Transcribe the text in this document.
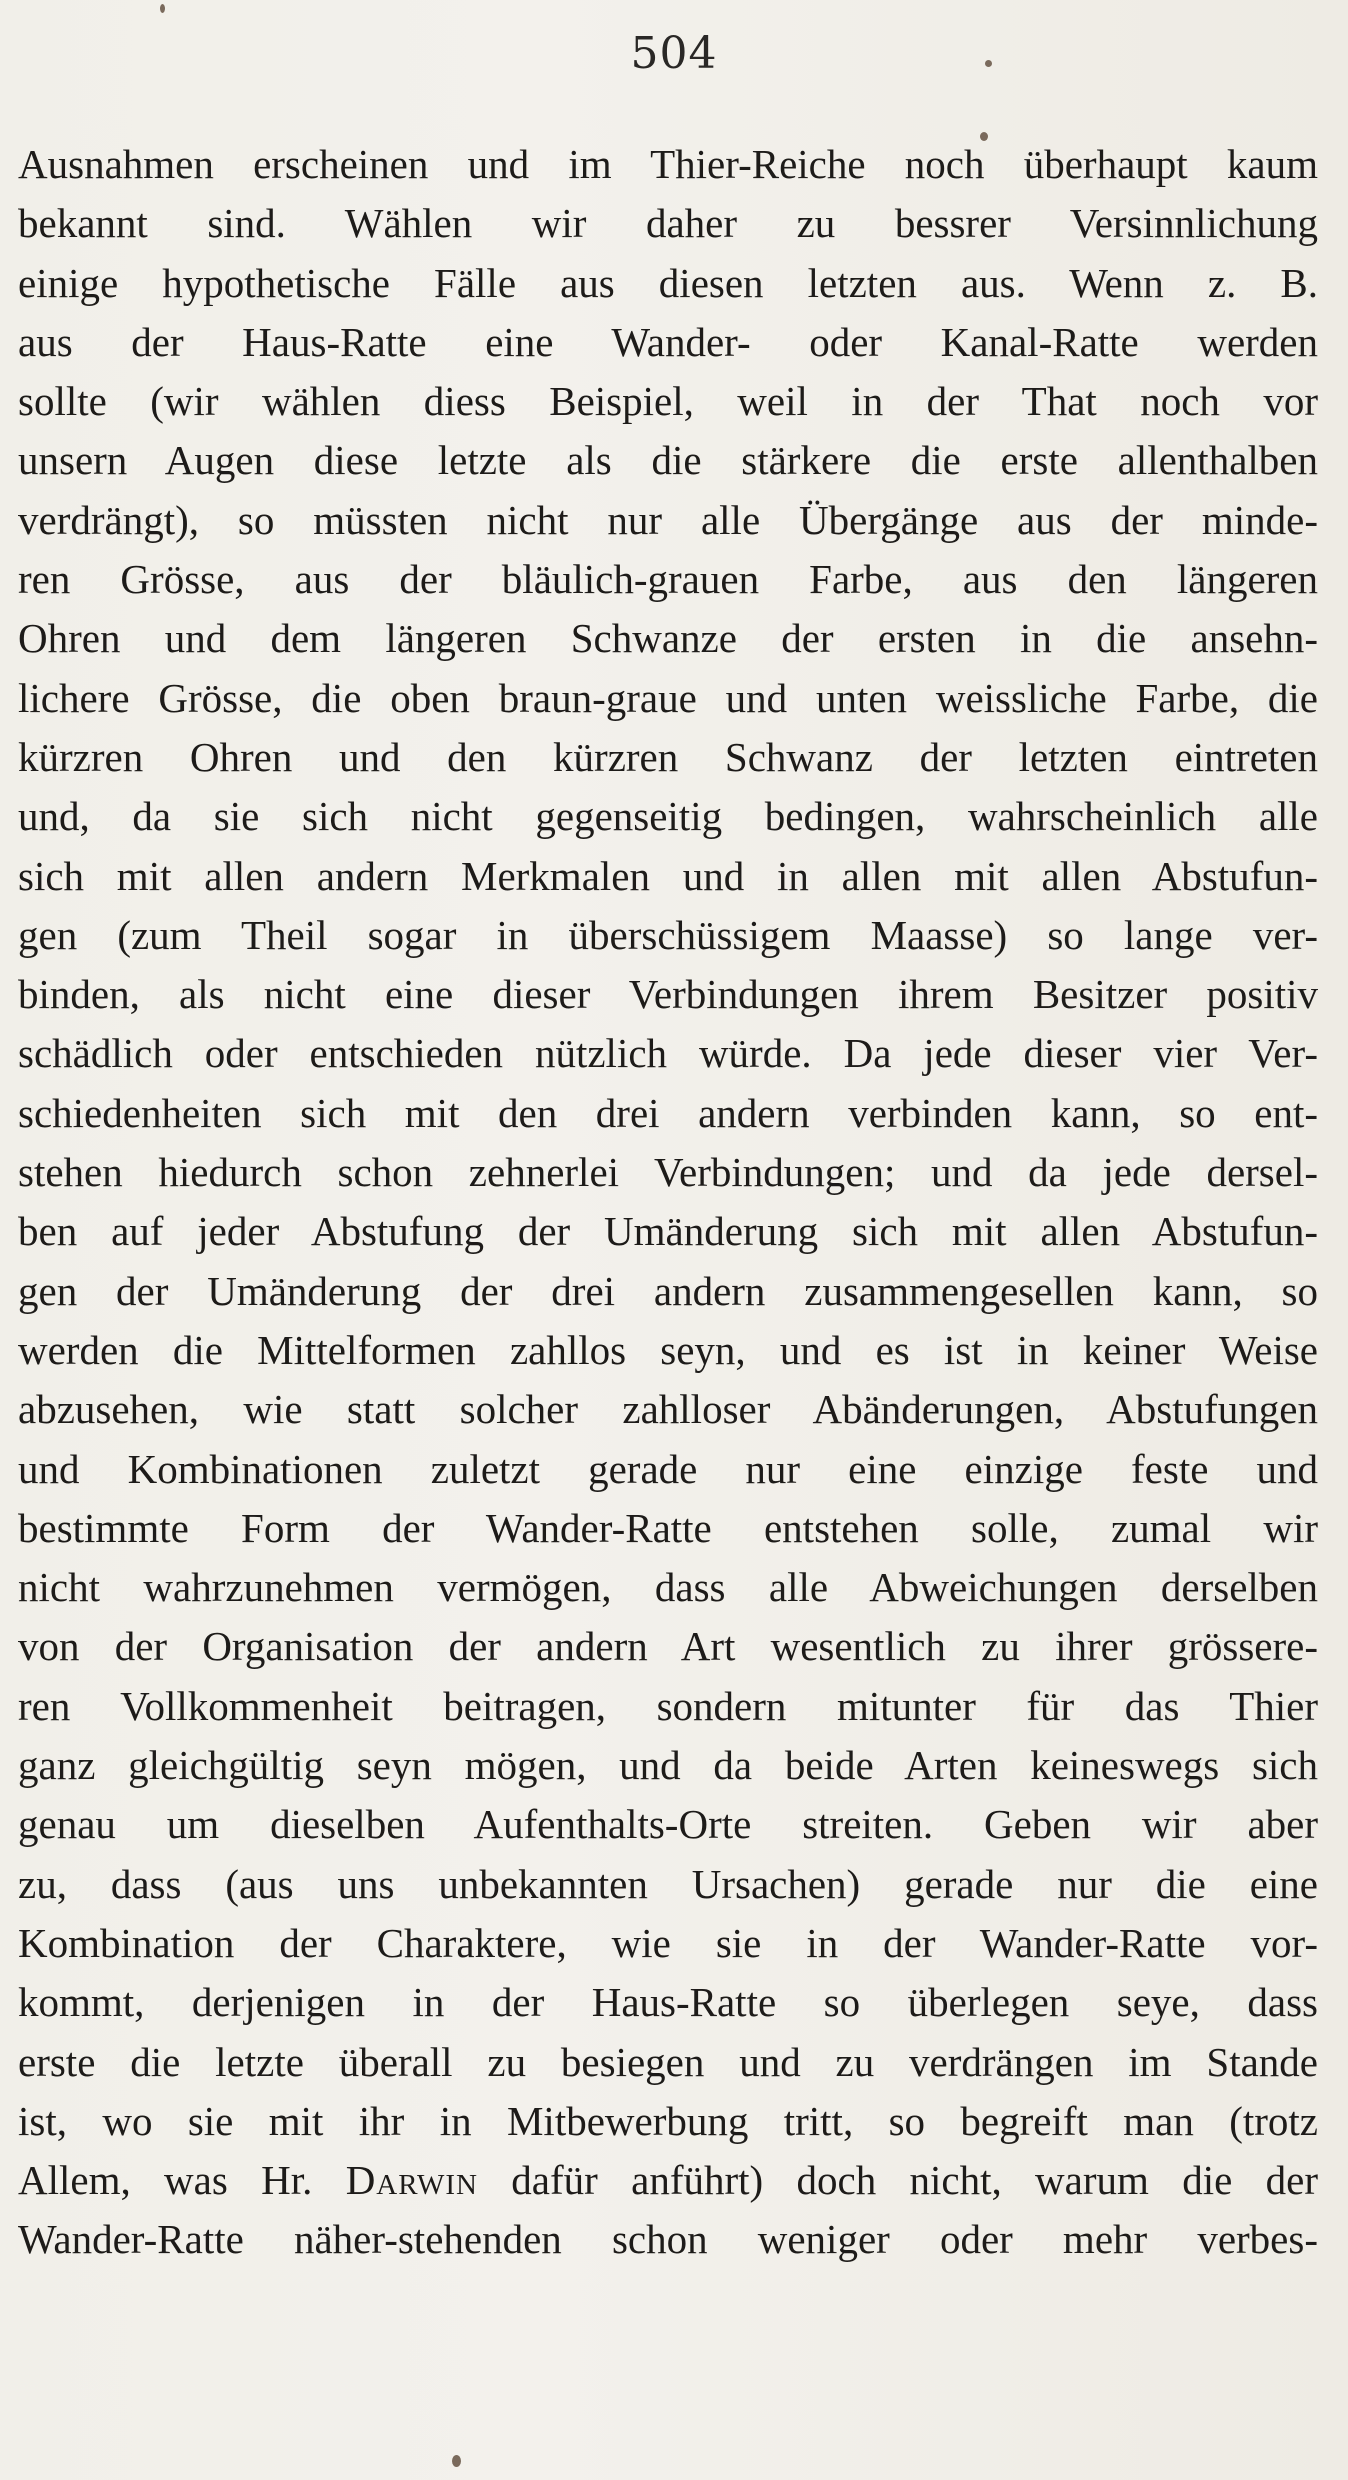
504
Ausnahmen erscheinen und im Thier-Reiche noch überhaupt kaum
bekannt sind. Wählen wir daher zu bessrer Versinnlichung
einige hypothetische Fälle aus diesen letzten aus. Wenn z. B.
aus der Haus-Ratte eine Wander- oder Kanal-Ratte werden
sollte (wir wählen diess Beispiel, weil in der That noch vor
unsern Augen diese letzte als die stärkere die erste allenthalben
verdrängt), so müssten nicht nur alle Übergänge aus der minde-
ren Grösse, aus der bläulich-grauen Farbe, aus den längeren
Ohren und dem längeren Schwanze der ersten in die ansehn-
lichere Grösse, die oben braun-graue und unten weissliche Farbe, die
kürzren Ohren und den kürzren Schwanz der letzten eintreten
und, da sie sich nicht gegenseitig bedingen, wahrscheinlich alle
sich mit allen andern Merkmalen und in allen mit allen Abstufun-
gen (zum Theil sogar in überschüssigem Maasse) so lange ver-
binden, als nicht eine dieser Verbindungen ihrem Besitzer positiv
schädlich oder entschieden nützlich würde. Da jede dieser vier Ver-
schiedenheiten sich mit den drei andern verbinden kann, so ent-
stehen hiedurch schon zehnerlei Verbindungen; und da jede dersel-
ben auf jeder Abstufung der Umänderung sich mit allen Abstufun-
gen der Umänderung der drei andern zusammengesellen kann, so
werden die Mittelformen zahllos seyn, und es ist in keiner Weise
abzusehen, wie statt solcher zahlloser Abänderungen, Abstufungen
und Kombinationen zuletzt gerade nur eine einzige feste und
bestimmte Form der Wander-Ratte entstehen solle, zumal wir
nicht wahrzunehmen vermögen, dass alle Abweichungen derselben
von der Organisation der andern Art wesentlich zu ihrer grössere-
ren Vollkommenheit beitragen, sondern mitunter für das Thier
ganz gleichgültig seyn mögen, und da beide Arten keineswegs sich
genau um dieselben Aufenthalts-Orte streiten. Geben wir aber
zu, dass (aus uns unbekannten Ursachen) gerade nur die eine
Kombination der Charaktere, wie sie in der Wander-Ratte vor-
kommt, derjenigen in der Haus-Ratte so überlegen seye, dass
erste die letzte überall zu besiegen und zu verdrängen im Stande
ist, wo sie mit ihr in Mitbewerbung tritt, so begreift man (trotz
Allem, was Hr. Darwin dafür anführt) doch nicht, warum die der
Wander-Ratte näher-stehenden schon weniger oder mehr verbes-
